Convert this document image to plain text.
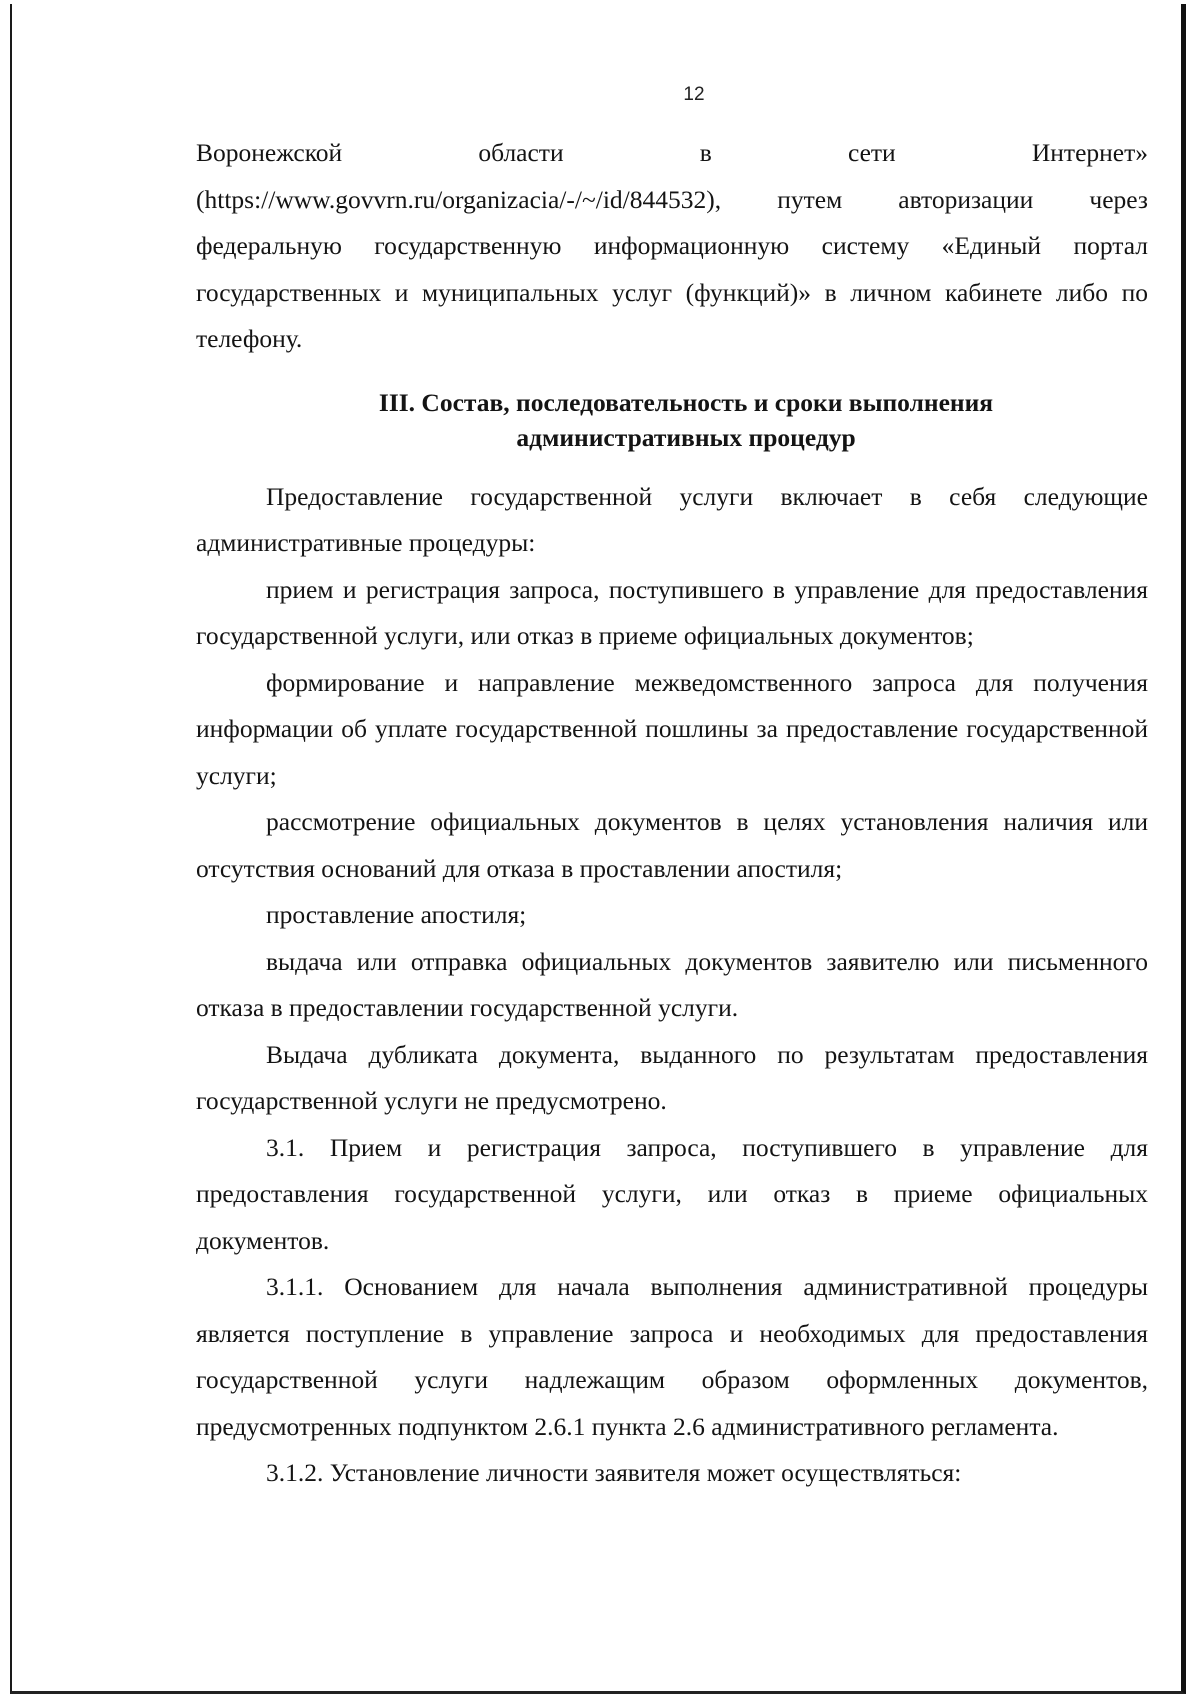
12

Воронежской области в сети Интернет» (https://www.govvrn.ru/organizacia/-/~/id/844532), путем авторизации через федеральную государственную информационную систему «Единый портал государственных и муниципальных услуг (функций)» в личном кабинете либо по телефону.

III. Состав, последовательность и сроки выполнения
административных процедур

Предоставление государственной услуги включает в себя следующие административные процедуры:

прием и регистрация запроса, поступившего в управление для предоставления государственной услуги, или отказ в приеме официальных документов;

формирование и направление межведомственного запроса для получения информации об уплате государственной пошлины за предоставление государственной услуги;

рассмотрение официальных документов в целях установления наличия или отсутствия оснований для отказа в проставлении апостиля;

проставление апостиля;

выдача или отправка официальных документов заявителю или письменного отказа в предоставлении государственной услуги.

Выдача дубликата документа, выданного по результатам предоставления государственной услуги не предусмотрено.

3.1. Прием и регистрация запроса, поступившего в управление для предоставления государственной услуги, или отказ в приеме официальных документов.

3.1.1. Основанием для начала выполнения административной процедуры является поступление в управление запроса и необходимых для предоставления государственной услуги надлежащим образом оформленных документов, предусмотренных подпунктом 2.6.1 пункта 2.6 административного регламента.

3.1.2. Установление личности заявителя может осуществляться:
